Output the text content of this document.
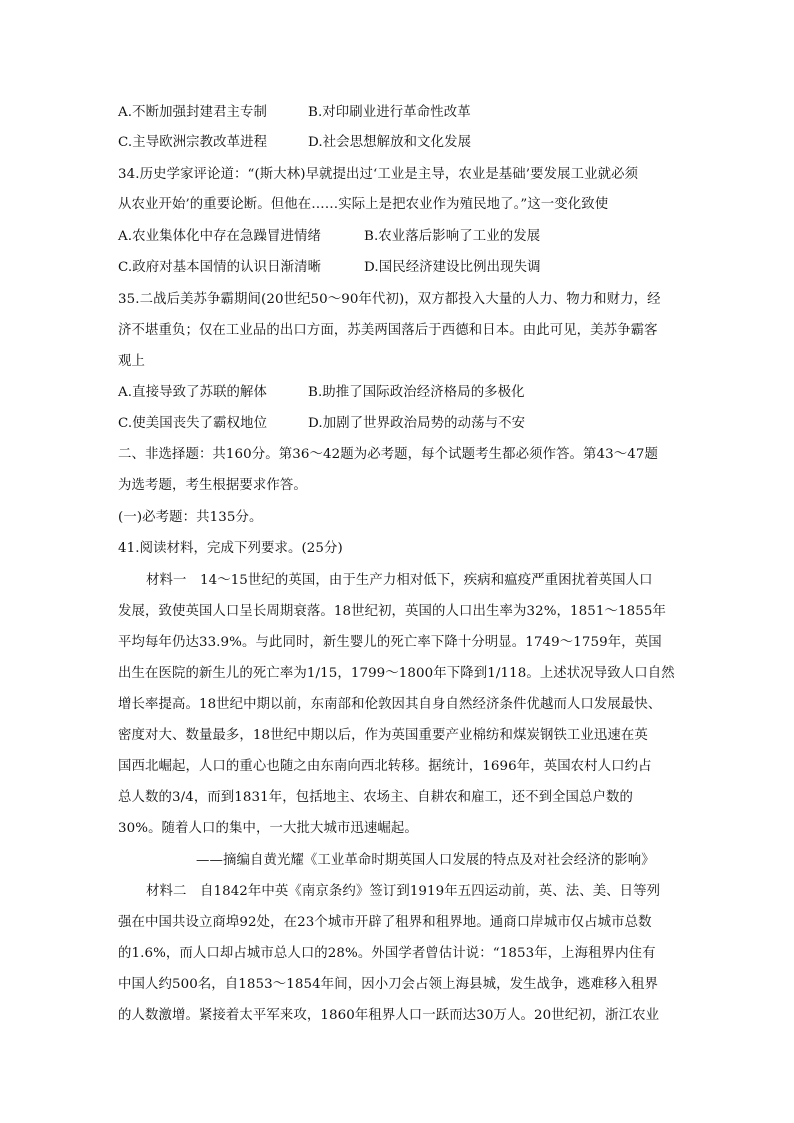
A.不断加强封建君主专制	B.对印刷业进行革命性改革
C.主导欧洲宗教改革进程	D.社会思想解放和文化发展
34.历史学家评论道：“(斯大林)早就提出过‘工业是主导，农业是基础’要发展工业就必须
从农业开始’的重要论断。但他在……实际上是把农业作为殖民地了。”这一变化致使
A.农业集体化中存在急躁冒进情绪	B.农业落后影响了工业的发展
C.政府对基本国情的认识日渐清晰	D.国民经济建设比例出现失调
35.二战后美苏争霸期间(20世纪50～90年代初)，双方都投入大量的人力、物力和财力，经
济不堪重负；仅在工业品的出口方面，苏美两国落后于西德和日本。由此可见，美苏争霸客
观上
A.直接导致了苏联的解体	B.助推了国际政治经济格局的多极化
C.使美国丧失了霸权地位	D.加剧了世界政治局势的动荡与不安
二、非选择题：共160分。第36～42题为必考题，每个试题考生都必须作答。第43～47题
为选考题，考生根据要求作答。
(一)必考题：共135分。
41.阅读材料，完成下列要求。(25分)
材料一　14～15世纪的英国，由于生产力相对低下，疾病和瘟疫严重困扰着英国人口
发展，致使英国人口呈长周期衰落。18世纪初，英国的人口出生率为32%，1851～1855年
平均每年仍达33.9%。与此同时，新生婴儿的死亡率下降十分明显。1749～1759年，英国
出生在医院的新生儿的死亡率为1/15，1799～1800年下降到1/118。上述状况导致人口自然
增长率提高。18世纪中期以前，东南部和伦敦因其自身自然经济条件优越而人口发展最快、
密度对大、数量最多，18世纪中期以后，作为英国重要产业棉纺和煤炭钢铁工业迅速在英
国西北崛起，人口的重心也随之由东南向西北转移。据统计，1696年，英国农村人口约占
总人数的3/4，而到1831年，包括地主、农场主、自耕农和雇工，还不到全国总户数的
30%。随着人口的集中，一大批大城市迅速崛起。
——摘编自黄光耀《工业革命时期英国人口发展的特点及对社会经济的影响》
材料二　自1842年中英《南京条约》签订到1919年五四运动前，英、法、美、日等列
强在中国共设立商埠92处，在23个城市开辟了租界和租界地。通商口岸城市仅占城市总数
的1.6%，而人口却占城市总人口的28%。外国学者曾估计说：“1853年，上海租界内住有
中国人约500名，自1853～1854年间，因小刀会占领上海县城，发生战争，逃难移入租界
的人数激增。紧接着太平军来攻，1860年租界人口一跃而达30万人。20世纪初，浙江农业
